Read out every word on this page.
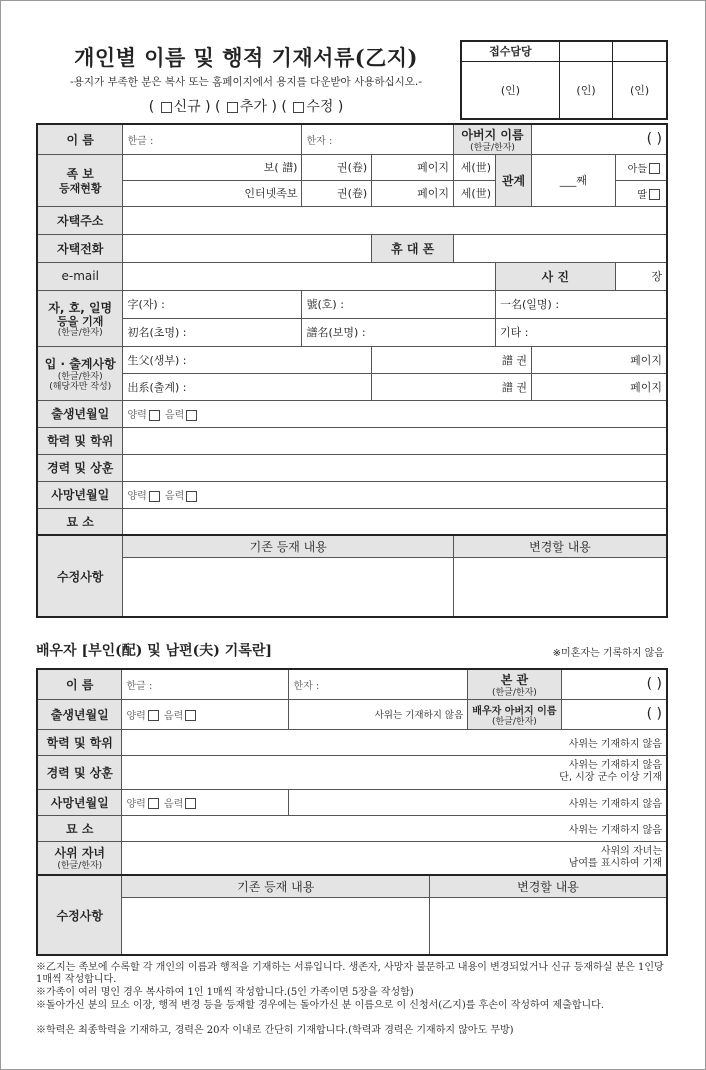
개인별 이름 및 행적 기재서류(乙지)
-용지가 부족한 분은 복사 또는 홈페이지에서 용지를 다운받아 사용하십시오.-
( 신규 ) ( 추가 ) ( 수정 )
접수담당		
(인)	(인)	(인)
이 름	한글 :	한자 :		아버지 이름
(한글/한자)		( )	
족 보
등재현황	보( 譜)	권(卷)	페이지	세(世)	관계	___째	아들
	인터넷족보	권(卷)	페이지	세(世)			딸
자택주소							
자택전화			휴 대 폰				
e-mail					사 진		장
자, 호, 일명
등을 기재
(한글/한자)	字(자) :	號(호) :			一名(일명) :		
	初名(초명) :	譜名(보명) :			기타 :		
입 · 출계사항
(한글/한자)
(해당자만 작성)	生父(생부) :		譜 권			페이지	
	出系(출계) :		譜 권			페이지	
출생년월일	양력 음력						
학력 및 학위							
경력 및 상훈							
사망년월일	양력 음력						
묘 소							
수정사항	기존 등재 내용			변경할 내용			

배우자 [부인(配) 및 남편(夫) 기록란]	※미혼자는 기록하지 않음
이 름	한글 :	한자 :		본 관
(한글/한자)	( )
출생년월일	양력 음력	사위는 기재하지 않음		배우자 아버지 이름
(한글/한자)	( )
학력 및 학위	사위는 기재하지 않음				
경력 및 상훈	사위는 기재하지 않음
단, 시장 군수 이상 기재				
사망년월일	양력 음력	사위는 기재하지 않음			
묘 소	사위는 기재하지 않음				
사위 자녀
(한글/한자)	사위의 자녀는
남여를 표시하여 기재				
수정사항	기존 등재 내용		변경할 내용		

※乙지는 족보에 수록할 각 개인의 이름과 행적을 기재하는 서류입니다. 생존자, 사망자 불문하고 내용이 변경되었거나 신규 등재하실 분은 1인당 1매씩 작성합니다.
※가족이 여러 명인 경우 복사하여 1인 1매씩 작성합니다.(5인 가족이면 5장을 작성함)
※돌아가신 분의 묘소 이장, 행적 변경 등을 등재할 경우에는 돌아가신 분 이름으로 이 신청서(乙지)를 후손이 작성하여 제출합니다.
※학력은 최종학력을 기재하고, 경력은 20자 이내로 간단히 기재합니다.(학력과 경력은 기재하지 않아도 무방)
